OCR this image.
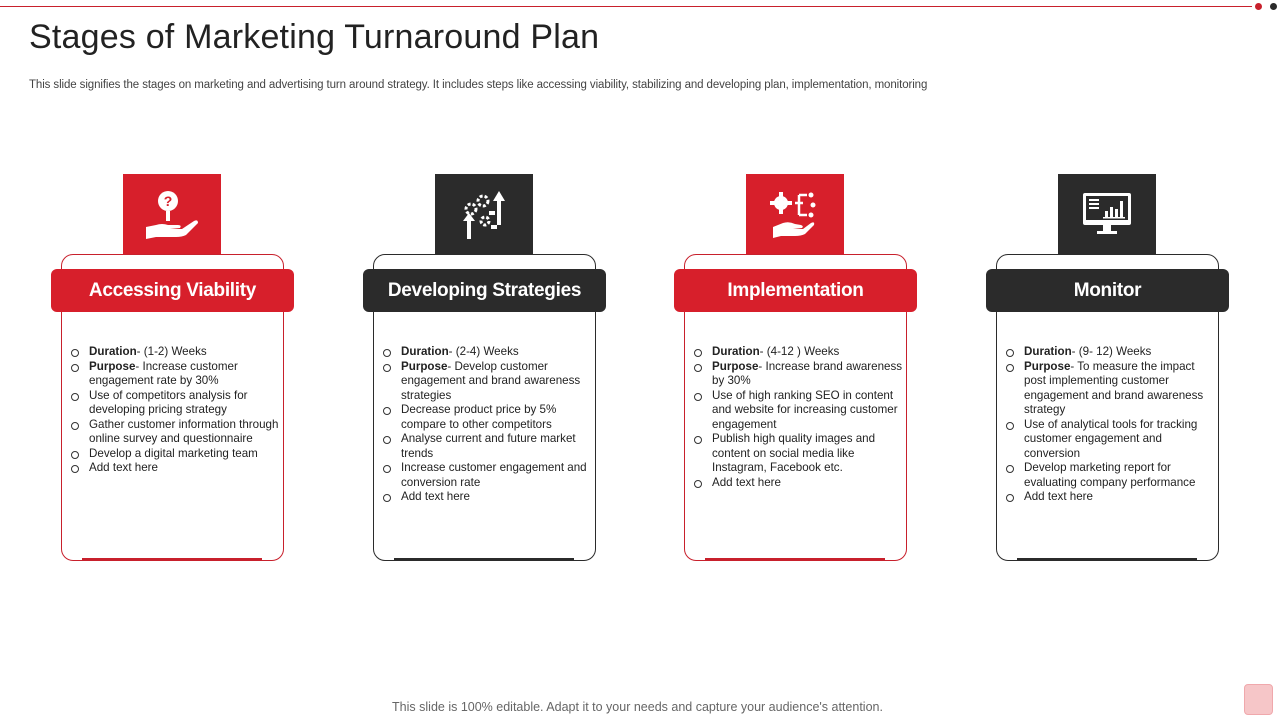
Stages of Marketing Turnaround Plan

This slide signifies the stages on marketing and advertising turn around strategy. It includes steps like accessing viability, stabilizing and developing plan, implementation, monitoring

?
Accessing Viability
Duration- (1-2) Weeks
Purpose- Increase customer engagement rate by 30%
Use of competitors analysis for developing pricing strategy
Gather customer information through online survey and questionnaire
Develop a digital marketing team
Add text here
Developing Strategies
Duration- (2-4) Weeks
Purpose- Develop customer engagement and brand awareness strategies
Decrease product price by 5% compare to other competitors
Analyse current and future market trends
Increase customer engagement and conversion rate
Add text here
Implementation
Duration- (4-12 ) Weeks
Purpose- Increase brand awareness by 30%
Use of high ranking SEO in content and website for increasing customer engagement
Publish high quality images and content on social media like Instagram, Facebook etc.
Add text here
Monitor
Duration- (9- 12) Weeks
Purpose- To measure the impact post implementing customer engagement and brand awareness strategy
Use of analytical tools for tracking customer engagement and conversion
Develop marketing report for evaluating company performance
Add text here

This slide is 100% editable. Adapt it to your needs and capture your audience's attention.
